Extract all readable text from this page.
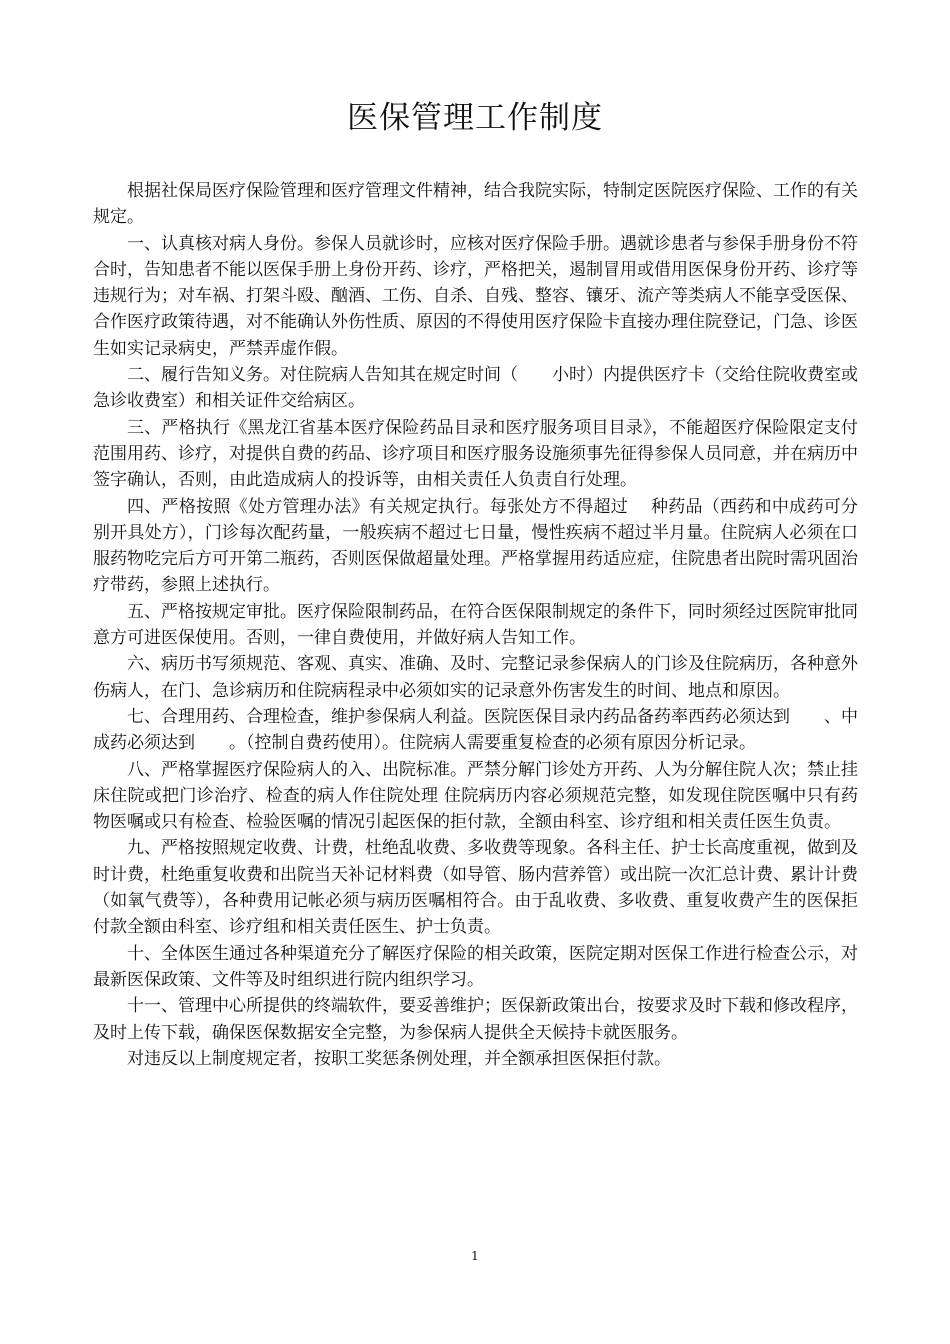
医保管理工作制度

根据社保局医疗保险管理和医疗管理文件精神，结合我院实际，特制定医院医疗保险、工作的有关规定。

一、认真核对病人身份。参保人员就诊时，应核对医疗保险手册。遇就诊患者与参保手册身份不符合时，告知患者不能以医保手册上身份开药、诊疗，严格把关，遏制冒用或借用医保身份开药、诊疗等违规行为；对车祸、打架斗殴、酗酒、工伤、自杀、自残、整容、镶牙、流产等类病人不能享受医保、合作医疗政策待遇，对不能确认外伤性质、原因的不得使用医疗保险卡直接办理住院登记，门急、诊医生如实记录病史，严禁弄虚作假。

二、履行告知义务。对住院病人告知其在规定时间（　　小时）内提供医疗卡（交给住院收费室或急诊收费室）和相关证件交给病区。

三、严格执行《黑龙江省基本医疗保险药品目录和医疗服务项目目录》，不能超医疗保险限定支付范围用药、诊疗，对提供自费的药品、诊疗项目和医疗服务设施须事先征得参保人员同意，并在病历中签字确认，否则，由此造成病人的投诉等，由相关责任人负责自行处理。

四、严格按照《处方管理办法》有关规定执行。每张处方不得超过　 种药品（西药和中成药可分别开具处方），门诊每次配药量，一般疾病不超过七日量，慢性疾病不超过半月量。住院病人必须在口服药物吃完后方可开第二瓶药，否则医保做超量处理。严格掌握用药适应症，住院患者出院时需巩固治疗带药，参照上述执行。

五、严格按规定审批。医疗保险限制药品，在符合医保限制规定的条件下，同时须经过医院审批同意方可进医保使用。否则，一律自费使用，并做好病人告知工作。

六、病历书写须规范、客观、真实、准确、及时、完整记录参保病人的门诊及住院病历，各种意外伤病人，在门、急诊病历和住院病程录中必须如实的记录意外伤害发生的时间、地点和原因。

七、合理用药、合理检查，维护参保病人利益。医院医保目录内药品备药率西药必须达到　　、中成药必须达到　　。（控制自费药使用）。住院病人需要重复检查的必须有原因分析记录。

八、严格掌握医疗保险病人的入、出院标准。严禁分解门诊处方开药、人为分解住院人次；禁止挂床住院或把门诊治疗、检查的病人作住院处理 住院病历内容必须规范完整，如发现住院医嘱中只有药物医嘱或只有检查、检验医嘱的情况引起医保的拒付款，全额由科室、诊疗组和相关责任医生负责。

九、严格按照规定收费、计费，杜绝乱收费、多收费等现象。各科主任、护士长高度重视，做到及时计费，杜绝重复收费和出院当天补记材料费（如导管、肠内营养管）或出院一次汇总计费、累计计费（如氧气费等），各种费用记帐必须与病历医嘱相符合。由于乱收费、多收费、重复收费产生的医保拒付款全额由科室、诊疗组和相关责任医生、护士负责。

十、全体医生通过各种渠道充分了解医疗保险的相关政策，医院定期对医保工作进行检查公示，对最新医保政策、文件等及时组织进行院内组织学习。

十一、管理中心所提供的终端软件，要妥善维护；医保新政策出台，按要求及时下载和修改程序，及时上传下载，确保医保数据安全完整，为参保病人提供全天候持卡就医服务。

对违反以上制度规定者，按职工奖惩条例处理，并全额承担医保拒付款。

1
